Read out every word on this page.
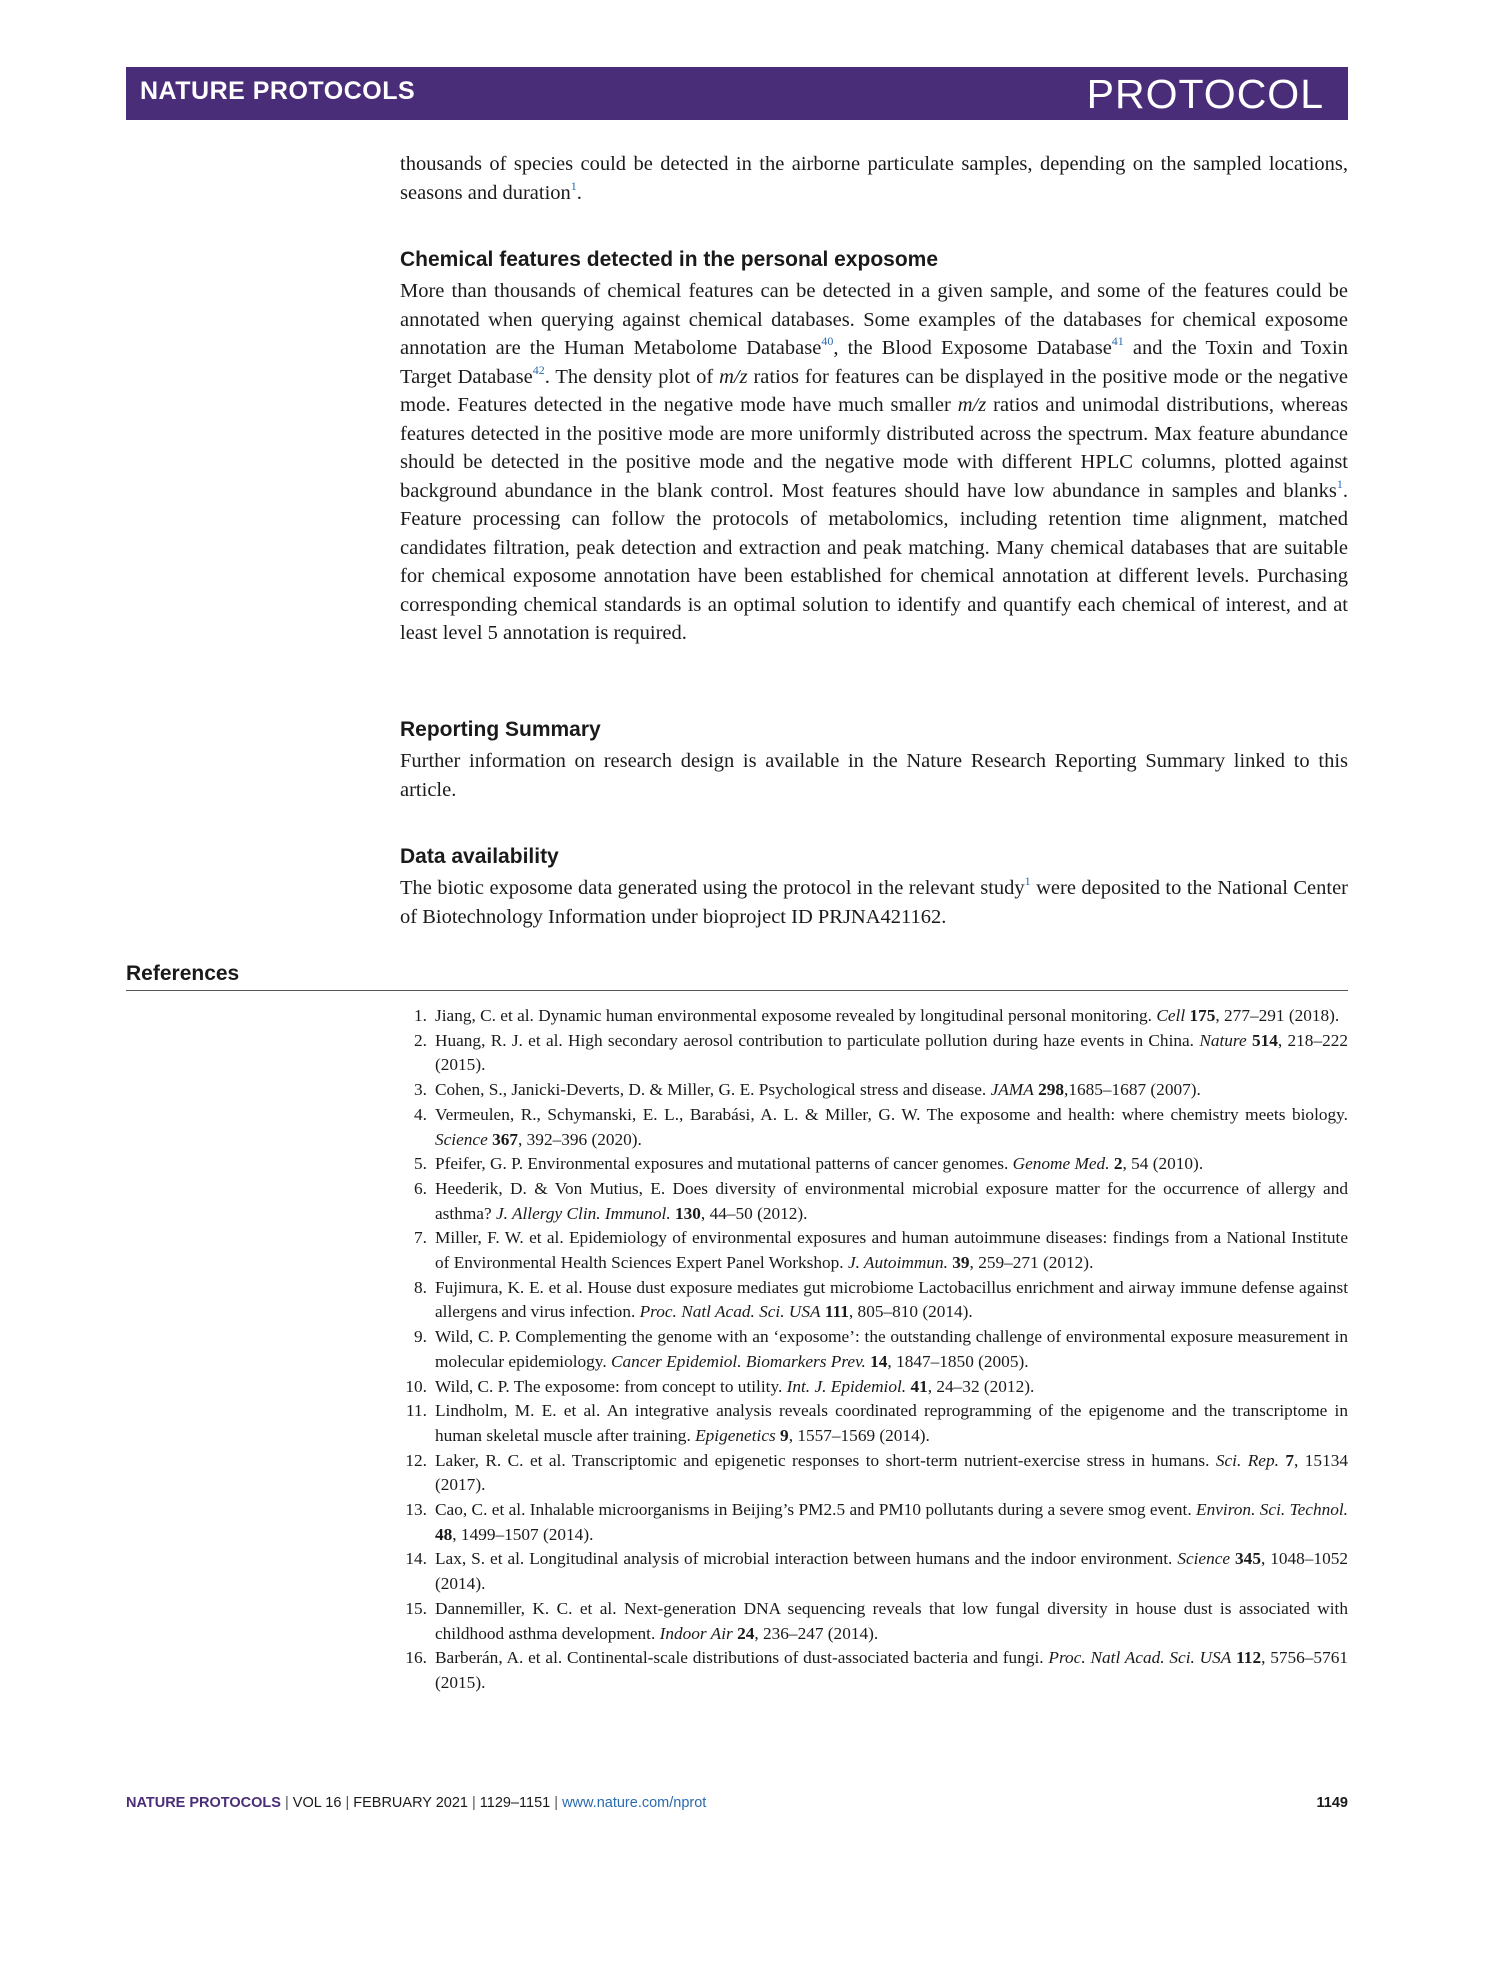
NATURE PROTOCOLS	PROTOCOL

thousands of species could be detected in the airborne particulate samples, depending on the sampled locations, seasons and duration$^1$.

Chemical features detected in the personal exposome

More than thousands of chemical features can be detected in a given sample, and some of the features could be annotated when querying against chemical databases. Some examples of the databases for chemical exposome annotation are the Human Metabolome Database$^{40}$, the Blood Exposome Database$^{41}$ and the Toxin and Toxin Target Database$^{42}$. The density plot of m/z ratios for features can be displayed in the positive mode or the negative mode. Features detected in the negative mode have much smaller m/z ratios and unimodal distributions, whereas features detected in the positive mode are more uniformly distributed across the spectrum. Max feature abundance should be detected in the positive mode and the negative mode with different HPLC columns, plotted against background abundance in the blank control. Most features should have low abundance in samples and blanks$^1$. Feature processing can follow the protocols of metabolomics, including retention time alignment, matched candidates filtration, peak detection and extraction and peak matching. Many chemical databases that are suitable for chemical exposome annotation have been established for chemical annotation at different levels. Purchasing corresponding chemical standards is an optimal solution to identify and quantify each chemical of interest, and at least level 5 annotation is required.

Reporting Summary

Further information on research design is available in the Nature Research Reporting Summary linked to this article.

Data availability

The biotic exposome data generated using the protocol in the relevant study$^1$ were deposited to the National Center of Biotechnology Information under bioproject ID PRJNA421162.

References
1. Jiang, C. et al. Dynamic human environmental exposome revealed by longitudinal personal monitoring. Cell 175, 277–291 (2018).
2. Huang, R. J. et al. High secondary aerosol contribution to particulate pollution during haze events in China. Nature 514, 218–222 (2015).
3. Cohen, S., Janicki-Deverts, D. & Miller, G. E. Psychological stress and disease. JAMA 298,1685–1687 (2007).
4. Vermeulen, R., Schymanski, E. L., Barabási, A. L. & Miller, G. W. The exposome and health: where chemistry meets biology. Science 367, 392–396 (2020).
5. Pfeifer, G. P. Environmental exposures and mutational patterns of cancer genomes. Genome Med. 2, 54 (2010).
6. Heederik, D. & Von Mutius, E. Does diversity of environmental microbial exposure matter for the occurrence of allergy and asthma? J. Allergy Clin. Immunol. 130, 44–50 (2012).
7. Miller, F. W. et al. Epidemiology of environmental exposures and human autoimmune diseases: findings from a National Institute of Environmental Health Sciences Expert Panel Workshop. J. Autoimmun. 39, 259–271 (2012).
8. Fujimura, K. E. et al. House dust exposure mediates gut microbiome Lactobacillus enrichment and airway immune defense against allergens and virus infection. Proc. Natl Acad. Sci. USA 111, 805–810 (2014).
9. Wild, C. P. Complementing the genome with an ‘exposome’: the outstanding challenge of environmental exposure measurement in molecular epidemiology. Cancer Epidemiol. Biomarkers Prev. 14, 1847–1850 (2005).
10. Wild, C. P. The exposome: from concept to utility. Int. J. Epidemiol. 41, 24–32 (2012).
11. Lindholm, M. E. et al. An integrative analysis reveals coordinated reprogramming of the epigenome and the transcriptome in human skeletal muscle after training. Epigenetics 9, 1557–1569 (2014).
12. Laker, R. C. et al. Transcriptomic and epigenetic responses to short-term nutrient-exercise stress in humans. Sci. Rep. 7, 15134 (2017).
13. Cao, C. et al. Inhalable microorganisms in Beijing’s PM2.5 and PM10 pollutants during a severe smog event. Environ. Sci. Technol. 48, 1499–1507 (2014).
14. Lax, S. et al. Longitudinal analysis of microbial interaction between humans and the indoor environment. Science 345, 1048–1052 (2014).
15. Dannemiller, K. C. et al. Next-generation DNA sequencing reveals that low fungal diversity in house dust is associated with childhood asthma development. Indoor Air 24, 236–247 (2014).
16. Barberán, A. et al. Continental-scale distributions of dust-associated bacteria and fungi. Proc. Natl Acad. Sci. USA 112, 5756–5761 (2015).
NATURE PROTOCOLS | VOL 16 | FEBRUARY 2021 | 1129–1151 | www.nature.com/nprot	1149
